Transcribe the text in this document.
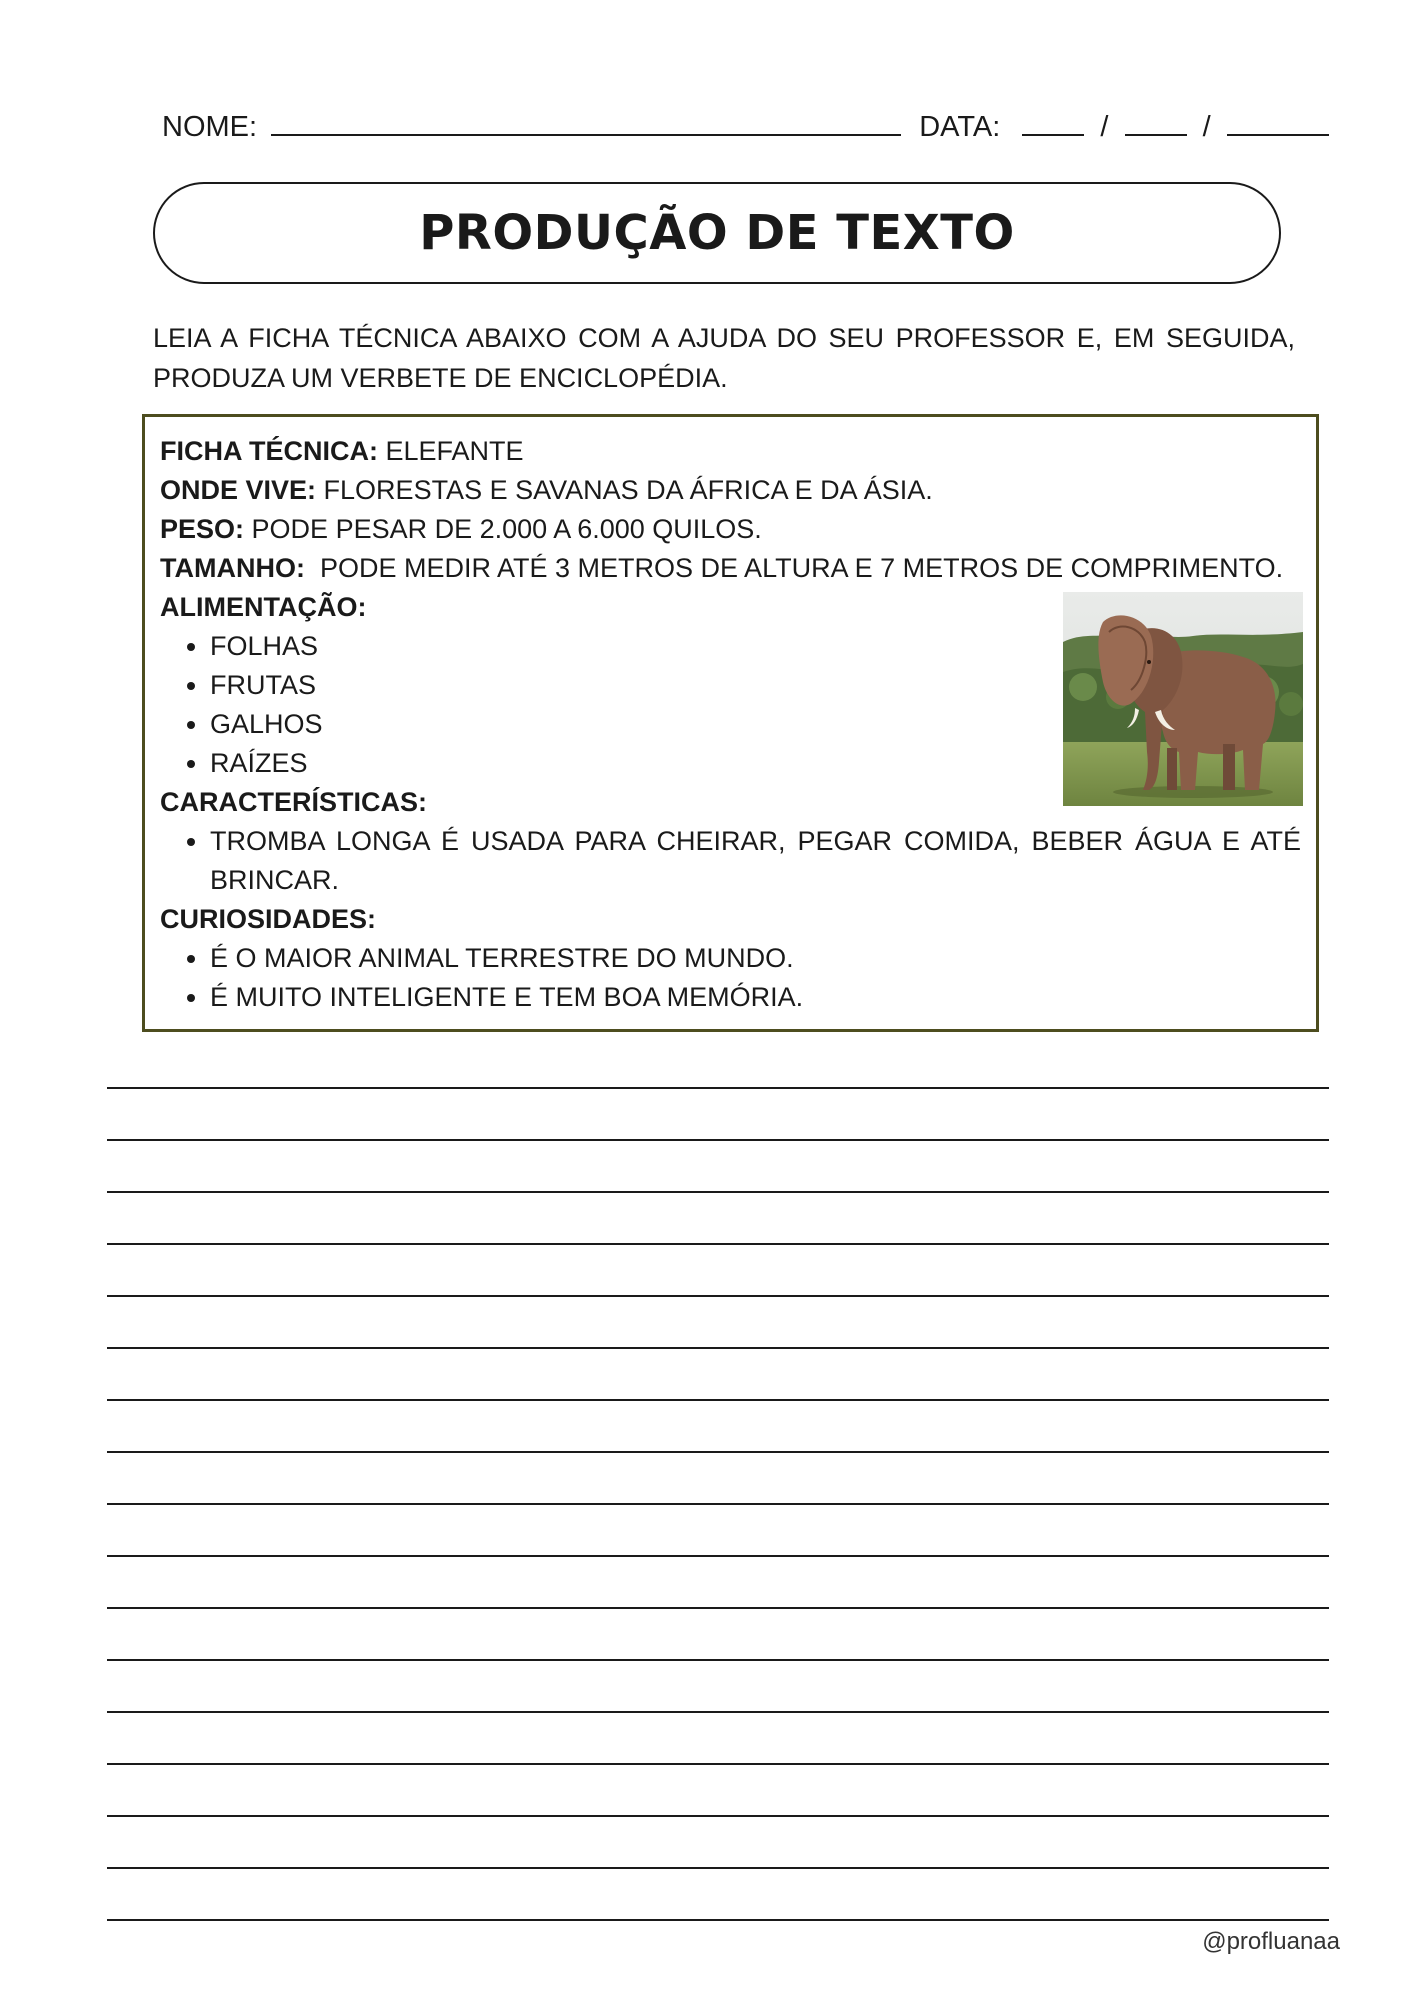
NOME:	DATA:	/	/
PRODUÇÃO DE TEXTO

LEIA A FICHA TÉCNICA ABAIXO COM A AJUDA DO SEU PROFESSOR E, EM SEGUIDA, PRODUZA UM VERBETE DE ENCICLOPÉDIA.

FICHA TÉCNICA: ELEFANTE

ONDE VIVE: FLORESTAS E SAVANAS DA ÁFRICA E DA ÁSIA.

PESO: PODE PESAR DE 2.000 A 6.000 QUILOS.

TAMANHO: PODE MEDIR ATÉ 3 METROS DE ALTURA E 7 METROS DE COMPRIMENTO.

ALIMENTAÇÃO:

• FOLHAS
• FRUTAS
• GALHOS
• RAÍZES

CARACTERÍSTICAS:

• TROMBA LONGA É USADA PARA CHEIRAR, PEGAR COMIDA, BEBER ÁGUA E ATÉ BRINCAR.

CURIOSIDADES:

• É O MAIOR ANIMAL TERRESTRE DO MUNDO.
• É MUITO INTELIGENTE E TEM BOA MEMÓRIA.
@profluanaa
